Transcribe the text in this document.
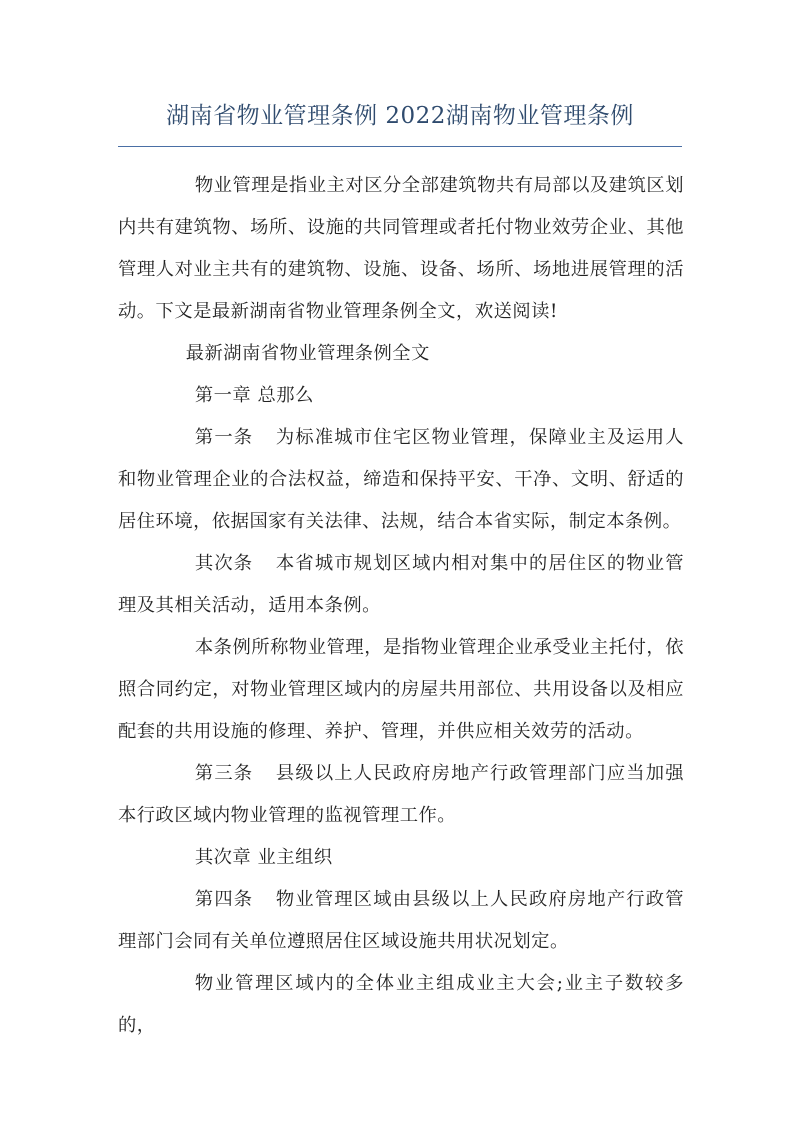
湖南省物业管理条例 2022湖南物业管理条例

物业管理是指业主对区分全部建筑物共有局部以及建筑区划内共有建筑物、场所、设施的共同管理或者托付物业效劳企业、其他管理人对业主共有的建筑物、设施、设备、场所、场地进展管理的活动。下文是最新湖南省物业管理条例全文，欢送阅读!

最新湖南省物业管理条例全文

第一章 总那么

第一条 为标准城市住宅区物业管理，保障业主及运用人和物业管理企业的合法权益，缔造和保持平安、干净、文明、舒适的居住环境，依据国家有关法律、法规，结合本省实际，制定本条例。

其次条 本省城市规划区域内相对集中的居住区的物业管理及其相关活动，适用本条例。

本条例所称物业管理，是指物业管理企业承受业主托付，依照合同约定，对物业管理区域内的房屋共用部位、共用设备以及相应配套的共用设施的修理、养护、管理，并供应相关效劳的活动。

第三条 县级以上人民政府房地产行政管理部门应当加强本行政区域内物业管理的监视管理工作。

其次章 业主组织

第四条 物业管理区域由县级以上人民政府房地产行政管理部门会同有关单位遵照居住区域设施共用状况划定。

物业管理区域内的全体业主组成业主大会;业主子数较多的，
